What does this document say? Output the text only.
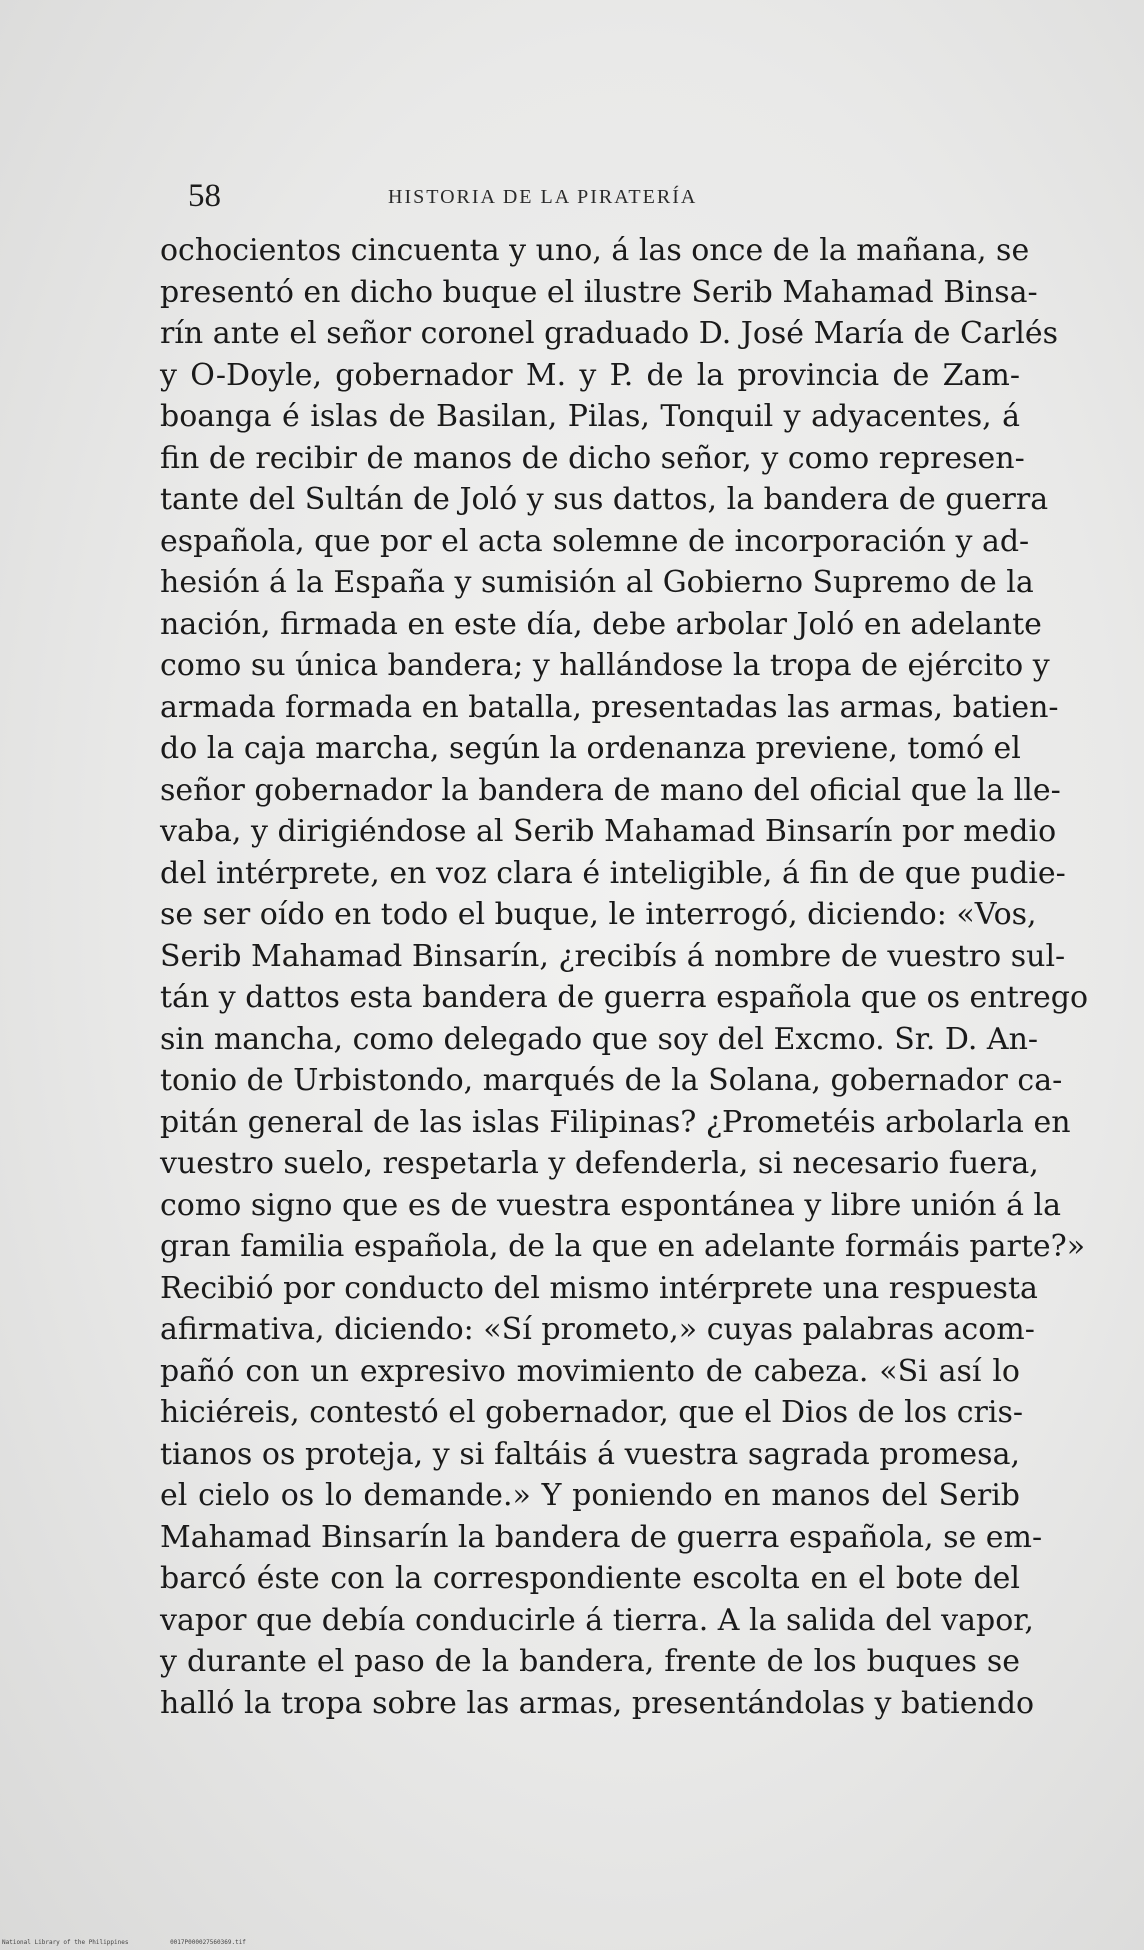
58	HISTORIA DE LA PIRATERÍA
ochocientos cincuenta y uno, á las once de la mañana, se
presentó en dicho buque el ilustre Serib Mahamad Binsa-
rín ante el señor coronel graduado D. José María de Carlés
y O-Doyle, gobernador M. y P. de la provincia de Zam-
boanga é islas de Basilan, Pilas, Tonquil y adyacentes, á
fin de recibir de manos de dicho señor, y como represen-
tante del Sultán de Joló y sus dattos, la bandera de guerra
española, que por el acta solemne de incorporación y ad-
hesión á la España y sumisión al Gobierno Supremo de la
nación, firmada en este día, debe arbolar Joló en adelante
como su única bandera; y hallándose la tropa de ejército y
armada formada en batalla, presentadas las armas, batien-
do la caja marcha, según la ordenanza previene, tomó el
señor gobernador la bandera de mano del oficial que la lle-
vaba, y dirigiéndose al Serib Mahamad Binsarín por medio
del intérprete, en voz clara é inteligible, á fin de que pudie-
se ser oído en todo el buque, le interrogó, diciendo: «Vos,
Serib Mahamad Binsarín, ¿recibís á nombre de vuestro sul-
tán y dattos esta bandera de guerra española que os entrego
sin mancha, como delegado que soy del Excmo. Sr. D. An-
tonio de Urbistondo, marqués de la Solana, gobernador ca-
pitán general de las islas Filipinas? ¿Prometéis arbolarla en
vuestro suelo, respetarla y defenderla, si necesario fuera,
como signo que es de vuestra espontánea y libre unión á la
gran familia española, de la que en adelante formáis parte?»
Recibió por conducto del mismo intérprete una respuesta
afirmativa, diciendo: «Sí prometo,» cuyas palabras acom-
pañó con un expresivo movimiento de cabeza. «Si así lo
hiciéreis, contestó el gobernador, que el Dios de los cris-
tianos os proteja, y si faltáis á vuestra sagrada promesa,
el cielo os lo demande.» Y poniendo en manos del Serib
Mahamad Binsarín la bandera de guerra española, se em-
barcó éste con la correspondiente escolta en el bote del
vapor que debía conducirle á tierra. A la salida del vapor,
y durante el paso de la bandera, frente de los buques se
halló la tropa sobre las armas, presentándolas y batiendo
National Library of the Philippines	0017P000027560369.tif
